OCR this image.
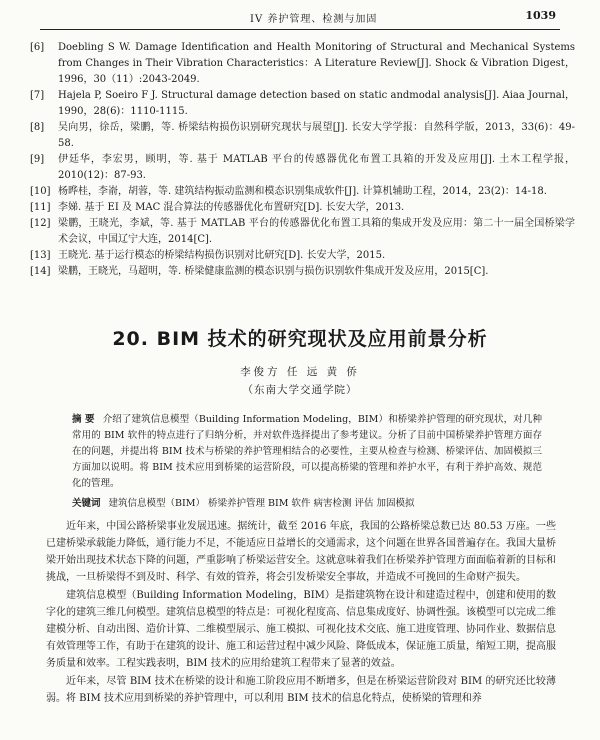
IV 养护管理、检测与加固	1039
[6]	Doebling S W. Damage Identification and Health Monitoring of Structural and Mechanical Systems from Changes in Their Vibration Characteristics：A Literature Review[J]. Shock & Vibration Digest，1996，30（11）:2043-2049.
[7]	Hajela P, Soeiro F J. Structural damage detection based on static andmodal analysis[J]. Aiaa Journal，1990，28(6)：1110-1115.
[8]	吴向男，徐岳，梁鹏，等. 桥梁结构损伤识别研究现状与展望[J]. 长安大学学报：自然科学版，2013，33(6)：49-58.
[9]	伊廷华，李宏男，顾明，等. 基于 MATLAB 平台的传感器优化布置工具箱的开发及应用[J]. 土木工程学报，2010(12)：87-93.
[10] 杨晔桂，李嵛，胡蓉，等. 建筑结构振动监测和模态识别集成软件[J]. 计算机辅助工程，2014，23(2)：14-18.
[11] 李娣. 基于 EI 及 MAC 混合算法的传感器优化布置研究[D]. 长安大学，2013.
[12] 梁鹏，王晓光，李斌，等. 基于 MATLAB 平台的传感器优化布置工具箱的集成开发及应用：第二十一届全国桥梁学术会议，中国辽宁大连，2014[C].
[13] 王晓光. 基于运行模态的桥梁结构损伤识别对比研究[D]. 长安大学，2015.
[14] 梁鹏，王晓光，马超明，等. 桥梁健康监测的模态识别与损伤识别软件集成开发及应用，2015[C].
20. BIM 技术的研究现状及应用前景分析
李俊方 任 远 黄 侨
（东南大学交通学院）
摘 要 介绍了建筑信息模型（Building Information Modeling，BIM）和桥梁养护管理的研究现状，对几种常用的 BIM 软件的特点进行了归纳分析，并对软件选择提出了参考建议。分析了目前中国桥梁养护管理方面存在的问题，并提出将 BIM 技术与桥梁的养护管理相结合的必要性，主要从检查与检测、桥梁评估、加固模拟三方面加以说明。将 BIM 技术应用到桥梁的运营阶段，可以提高桥梁的管理和养护水平，有利于养护高效、规范化的管理。
关键词 建筑信息模型（BIM） 桥梁养护管理 BIM 软件 病害检测 评估 加固模拟

近年来，中国公路桥梁事业发展迅速。据统计，截至 2016 年底，我国的公路桥梁总数已达 80.53 万座。一些已建桥梁承载能力降低，通行能力不足，不能适应日益增长的交通需求，这个问题在世界各国普遍存在。我国大量桥梁开始出现技术状态下降的问题，严重影响了桥梁运营安全。这就意味着我们在桥梁养护管理方面面临着新的目标和挑战，一旦桥梁得不到及时、科学、有效的管养，将会引发桥梁安全事故，并造成不可挽回的生命财产损失。

建筑信息模型（Building Information Modeling，BIM）是指建筑物在设计和建造过程中，创建和使用的数字化的建筑三维几何模型。建筑信息模型的特点是：可视化程度高、信息集成度好、协调性强。该模型可以完成二维建模分析、自动出图、造价计算、二维模型展示、施工模拟、可视化技术交底、施工进度管理、协同作业、数据信息有效管理等工作，有助于在建筑的设计、施工和运营过程中减少风险、降低成本，保证施工质量，缩短工期，提高服务质量和效率。工程实践表明，BIM 技术的应用给建筑工程带来了显著的效益。

近年来，尽管 BIM 技术在桥梁的设计和施工阶段应用不断增多，但是在桥梁运营阶段对 BIM 的研究还比较薄弱。将 BIM 技术应用到桥梁的养护管理中，可以利用 BIM 技术的信息化特点，使桥梁的管理和养
